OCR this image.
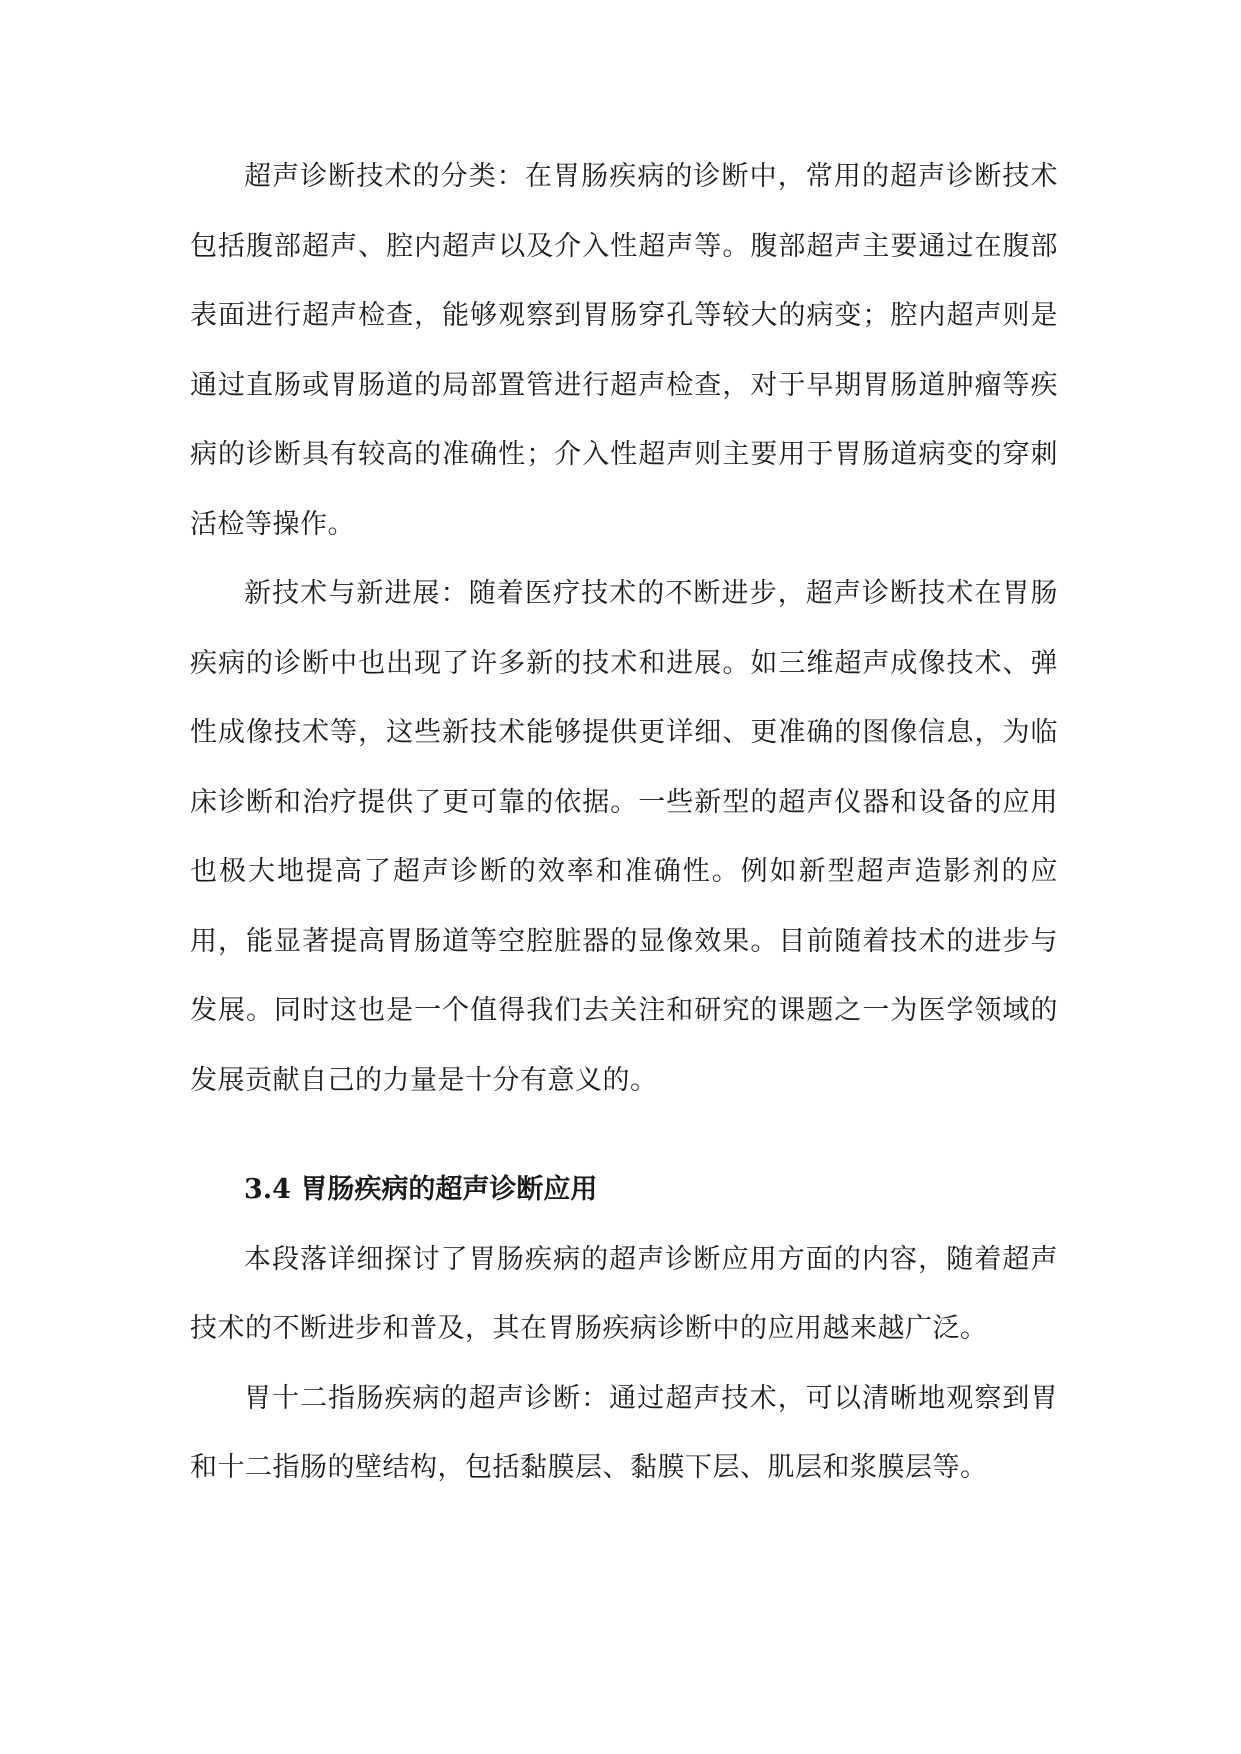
超声诊断技术的分类：在胃肠疾病的诊断中，常用的超声诊断技术包括腹部超声、腔内超声以及介入性超声等。腹部超声主要通过在腹部表面进行超声检查，能够观察到胃肠穿孔等较大的病变；腔内超声则是通过直肠或胃肠道的局部置管进行超声检查，对于早期胃肠道肿瘤等疾病的诊断具有较高的准确性；介入性超声则主要用于胃肠道病变的穿刺活检等操作。

新技术与新进展：随着医疗技术的不断进步，超声诊断技术在胃肠疾病的诊断中也出现了许多新的技术和进展。如三维超声成像技术、弹性成像技术等，这些新技术能够提供更详细、更准确的图像信息，为临床诊断和治疗提供了更可靠的依据。一些新型的超声仪器和设备的应用也极大地提高了超声诊断的效率和准确性。例如新型超声造影剂的应用，能显著提高胃肠道等空腔脏器的显像效果。目前随着技术的进步与发展。同时这也是一个值得我们去关注和研究的课题之一为医学领域的发展贡献自己的力量是十分有意义的。

3.4 胃肠疾病的超声诊断应用

本段落详细探讨了胃肠疾病的超声诊断应用方面的内容，随着超声技术的不断进步和普及，其在胃肠疾病诊断中的应用越来越广泛。

胃十二指肠疾病的超声诊断：通过超声技术，可以清晰地观察到胃和十二指肠的壁结构，包括黏膜层、黏膜下层、肌层和浆膜层等。
